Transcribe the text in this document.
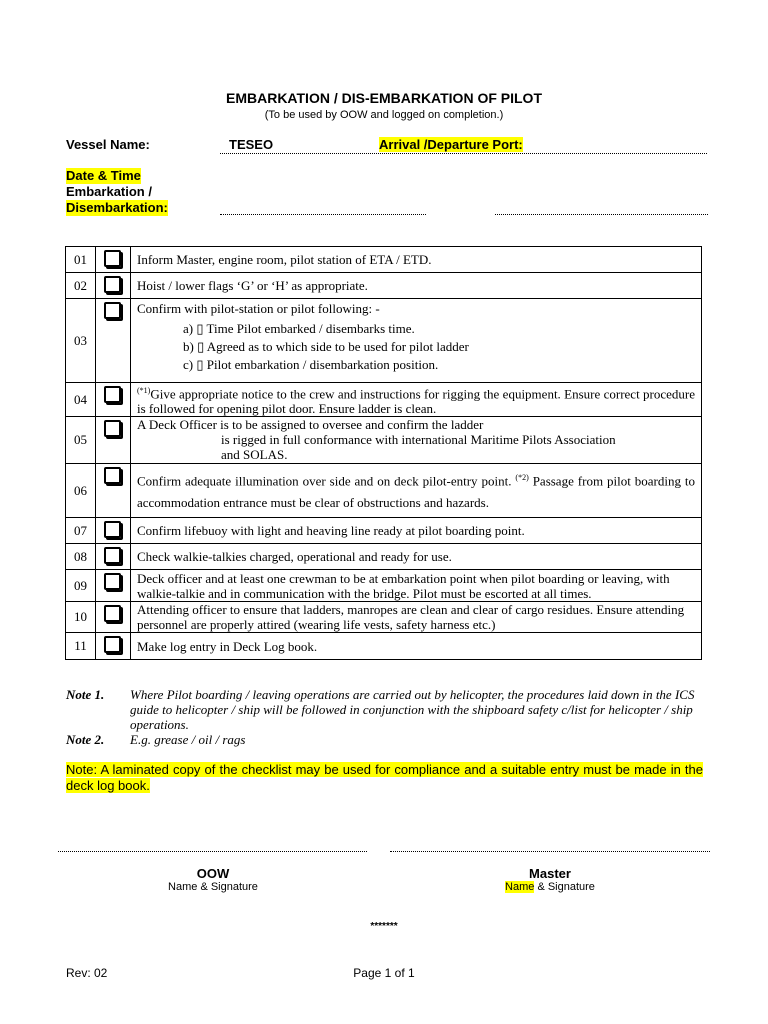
EMBARKATION / DIS-EMBARKATION OF PILOT
(To be used by OOW and logged on completion.)
Vessel Name:	TESEO	Arrival /Departure Port:
Date & Time
Embarkation /
Disembarkation:
01		Inform Master, engine room, pilot station of ETA / ETD.
02		Hoist / lower flags ‘G’ or ‘H’ as appropriate.
03		Confirm with pilot-station or pilot following: -
a) ▯ Time Pilot embarked / disembarks time.
b) ▯ Agreed as to which side to be used for pilot ladder
c) ▯ Pilot embarkation / disembarkation position.

04		$^{(*1)}$Give appropriate notice to the crew and instructions for rigging the equipment. Ensure correct procedure is followed for opening pilot door. Ensure ladder is clean.
05		A Deck Officer is to be assigned to oversee and confirm the ladder
is rigged in full conformance with international Maritime Pilots Association
and SOLAS.

06		Confirm adequate illumination over side and on deck pilot-entry point. $^{(*2)}$ Passage from pilot boarding to accommodation entrance must be clear of obstructions and hazards.
07		Confirm lifebuoy with light and heaving line ready at pilot boarding point.
08		Check walkie-talkies charged, operational and ready for use.
09		Deck officer and at least one crewman to be at embarkation point when pilot boarding or leaving, with walkie-talkie and in communication with the bridge. Pilot must be escorted at all times.
10		Attending officer to ensure that ladders, manropes are clean and clear of cargo residues. Ensure attending personnel are properly attired (wearing life vests, safety harness etc.)
11		Make log entry in Deck Log book.
Note 1.	Where Pilot boarding / leaving operations are carried out by helicopter, the procedures laid down in the ICS guide to helicopter / ship will be followed in conjunction with the shipboard safety c/list for helicopter / ship operations.
Note 2.	E.g. grease / oil / rags
Note: A laminated copy of the checklist may be used for compliance and a suitable entry must be made in the deck log book.
OOW
Name & Signature
Master
Name & Signature
*******
Rev: 02	Page 1 of 1
